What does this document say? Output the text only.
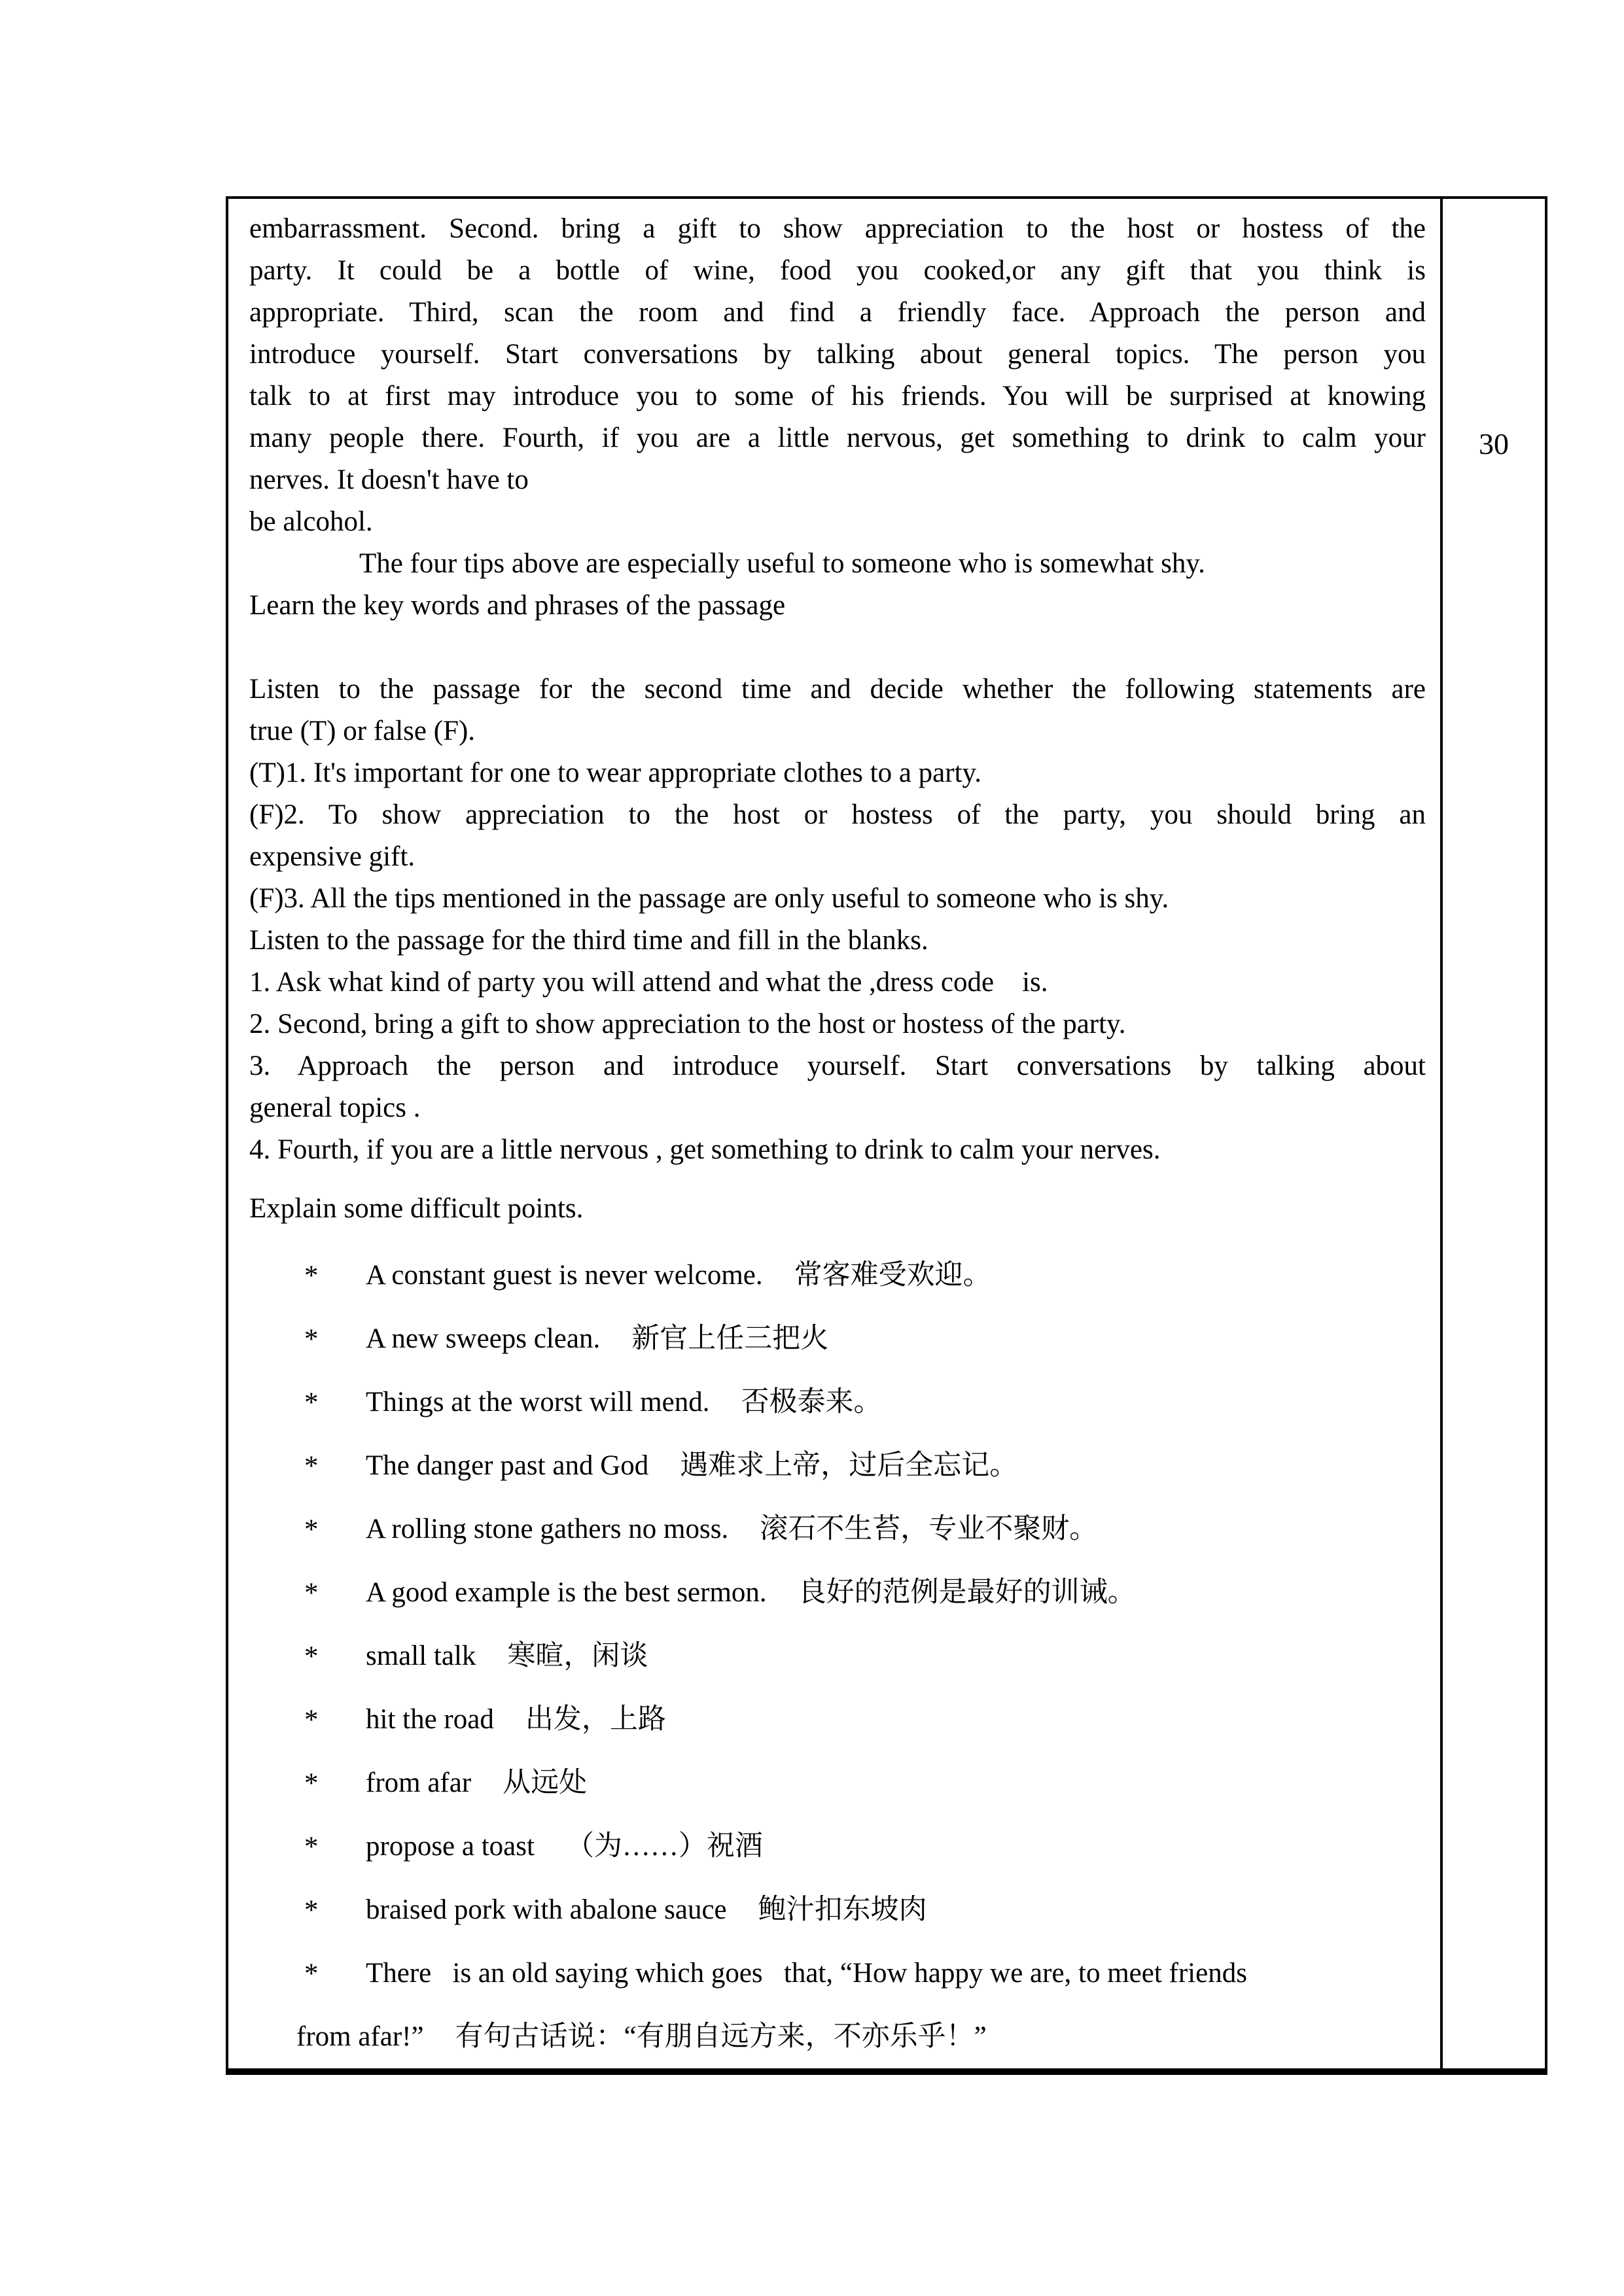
embarrassment. Second. bring a gift to show appreciation to the host or hostess of the
party. It could be a bottle of wine, food you cooked,or any gift that you think is
appropriate. Third, scan the room and find a friendly face. Approach the person and
introduce yourself. Start conversations by talking about general topics. The person you
talk to at first may introduce you to some of his friends. You will be surprised at knowing
many people there. Fourth, if you are a little nervous, get something to drink to calm your
nerves. It doesn't have to
be alcohol.
The four tips above are especially useful to someone who is somewhat shy.
Learn the key words and phrases of the passage
Listen to the passage for the second time and decide whether the following statements are
true (T) or false (F).
(T)1. It's important for one to wear appropriate clothes to a party.
(F)2. To show appreciation to the host or hostess of the party, you should bring an
expensive gift.
(F)3. All the tips mentioned in the passage are only useful to someone who is shy.
Listen to the passage for the third time and fill in the blanks.
1. Ask what kind of party you will attend and what the ,dress code    is.
2. Second, bring a gift to show appreciation to the host or hostess of the party.
3. Approach the person and introduce yourself. Start conversations by talking about
general topics .
4. Fourth, if you are a little nervous , get something to drink to calm your nerves.
Explain some difficult points.
* A constant guest is never welcome. 常客难受欢迎。
* A new sweeps clean. 新官上任三把火
* Things at the worst will mend. 否极泰来。
* The danger past and God 遇难求上帝，过后全忘记。
* A rolling stone gathers no moss. 滚石不生苔，专业不聚财。
* A good example is the best sermon. 良好的范例是最好的训诫。
* small talk 寒暄，闲谈
* hit the road 出发，上路
* from afar 从远处
* propose a toast （为……）祝酒
* braised pork with abalone sauce 鲍汁扣东坡肉
* There   is an old saying which goes   that, “How happy we are, to meet friends
from afar!” 有句古话说：“有朋自远方来，不亦乐乎！”
30
